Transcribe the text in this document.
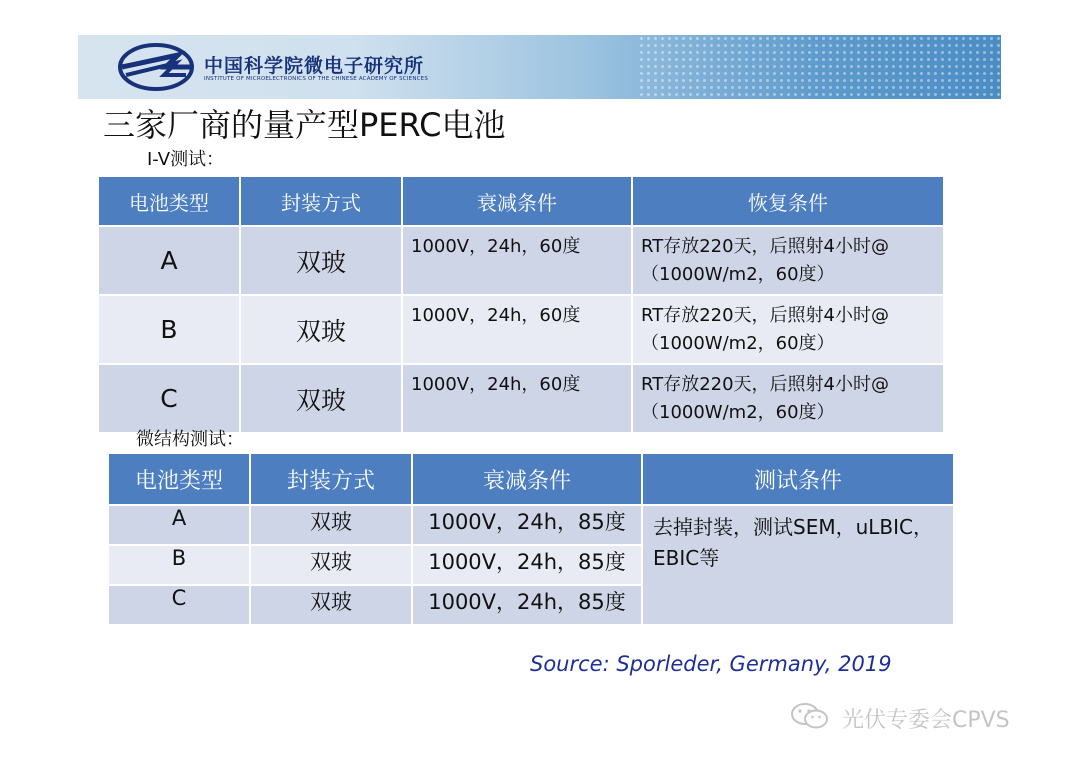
中国科学院微电子研究所
INSTITUTE OF MICROELECTRONICS OF THE CHINESE ACADEMY OF SCIENCES
三家厂商的量产型PERC电池
I-V测试：
电池类型	封装方式	衰减条件	恢复条件
A	双玻	1000V，24h，60度	RT存放220天，后照射4小时@（1000W/m2，60度）
B	双玻	1000V，24h，60度	RT存放220天，后照射4小时@（1000W/m2，60度）
C	双玻	1000V，24h，60度	RT存放220天，后照射4小时@（1000W/m2，60度）
微结构测试：
电池类型	封装方式	衰减条件	测试条件
A	双玻	1000V，24h，85度	去掉封装，测试SEM，uLBIC，EBIC等
B	双玻	1000V，24h，85度	
C	双玻	1000V，24h，85度	
Source: Sporleder, Germany, 2019
光伏专委会CPVS
